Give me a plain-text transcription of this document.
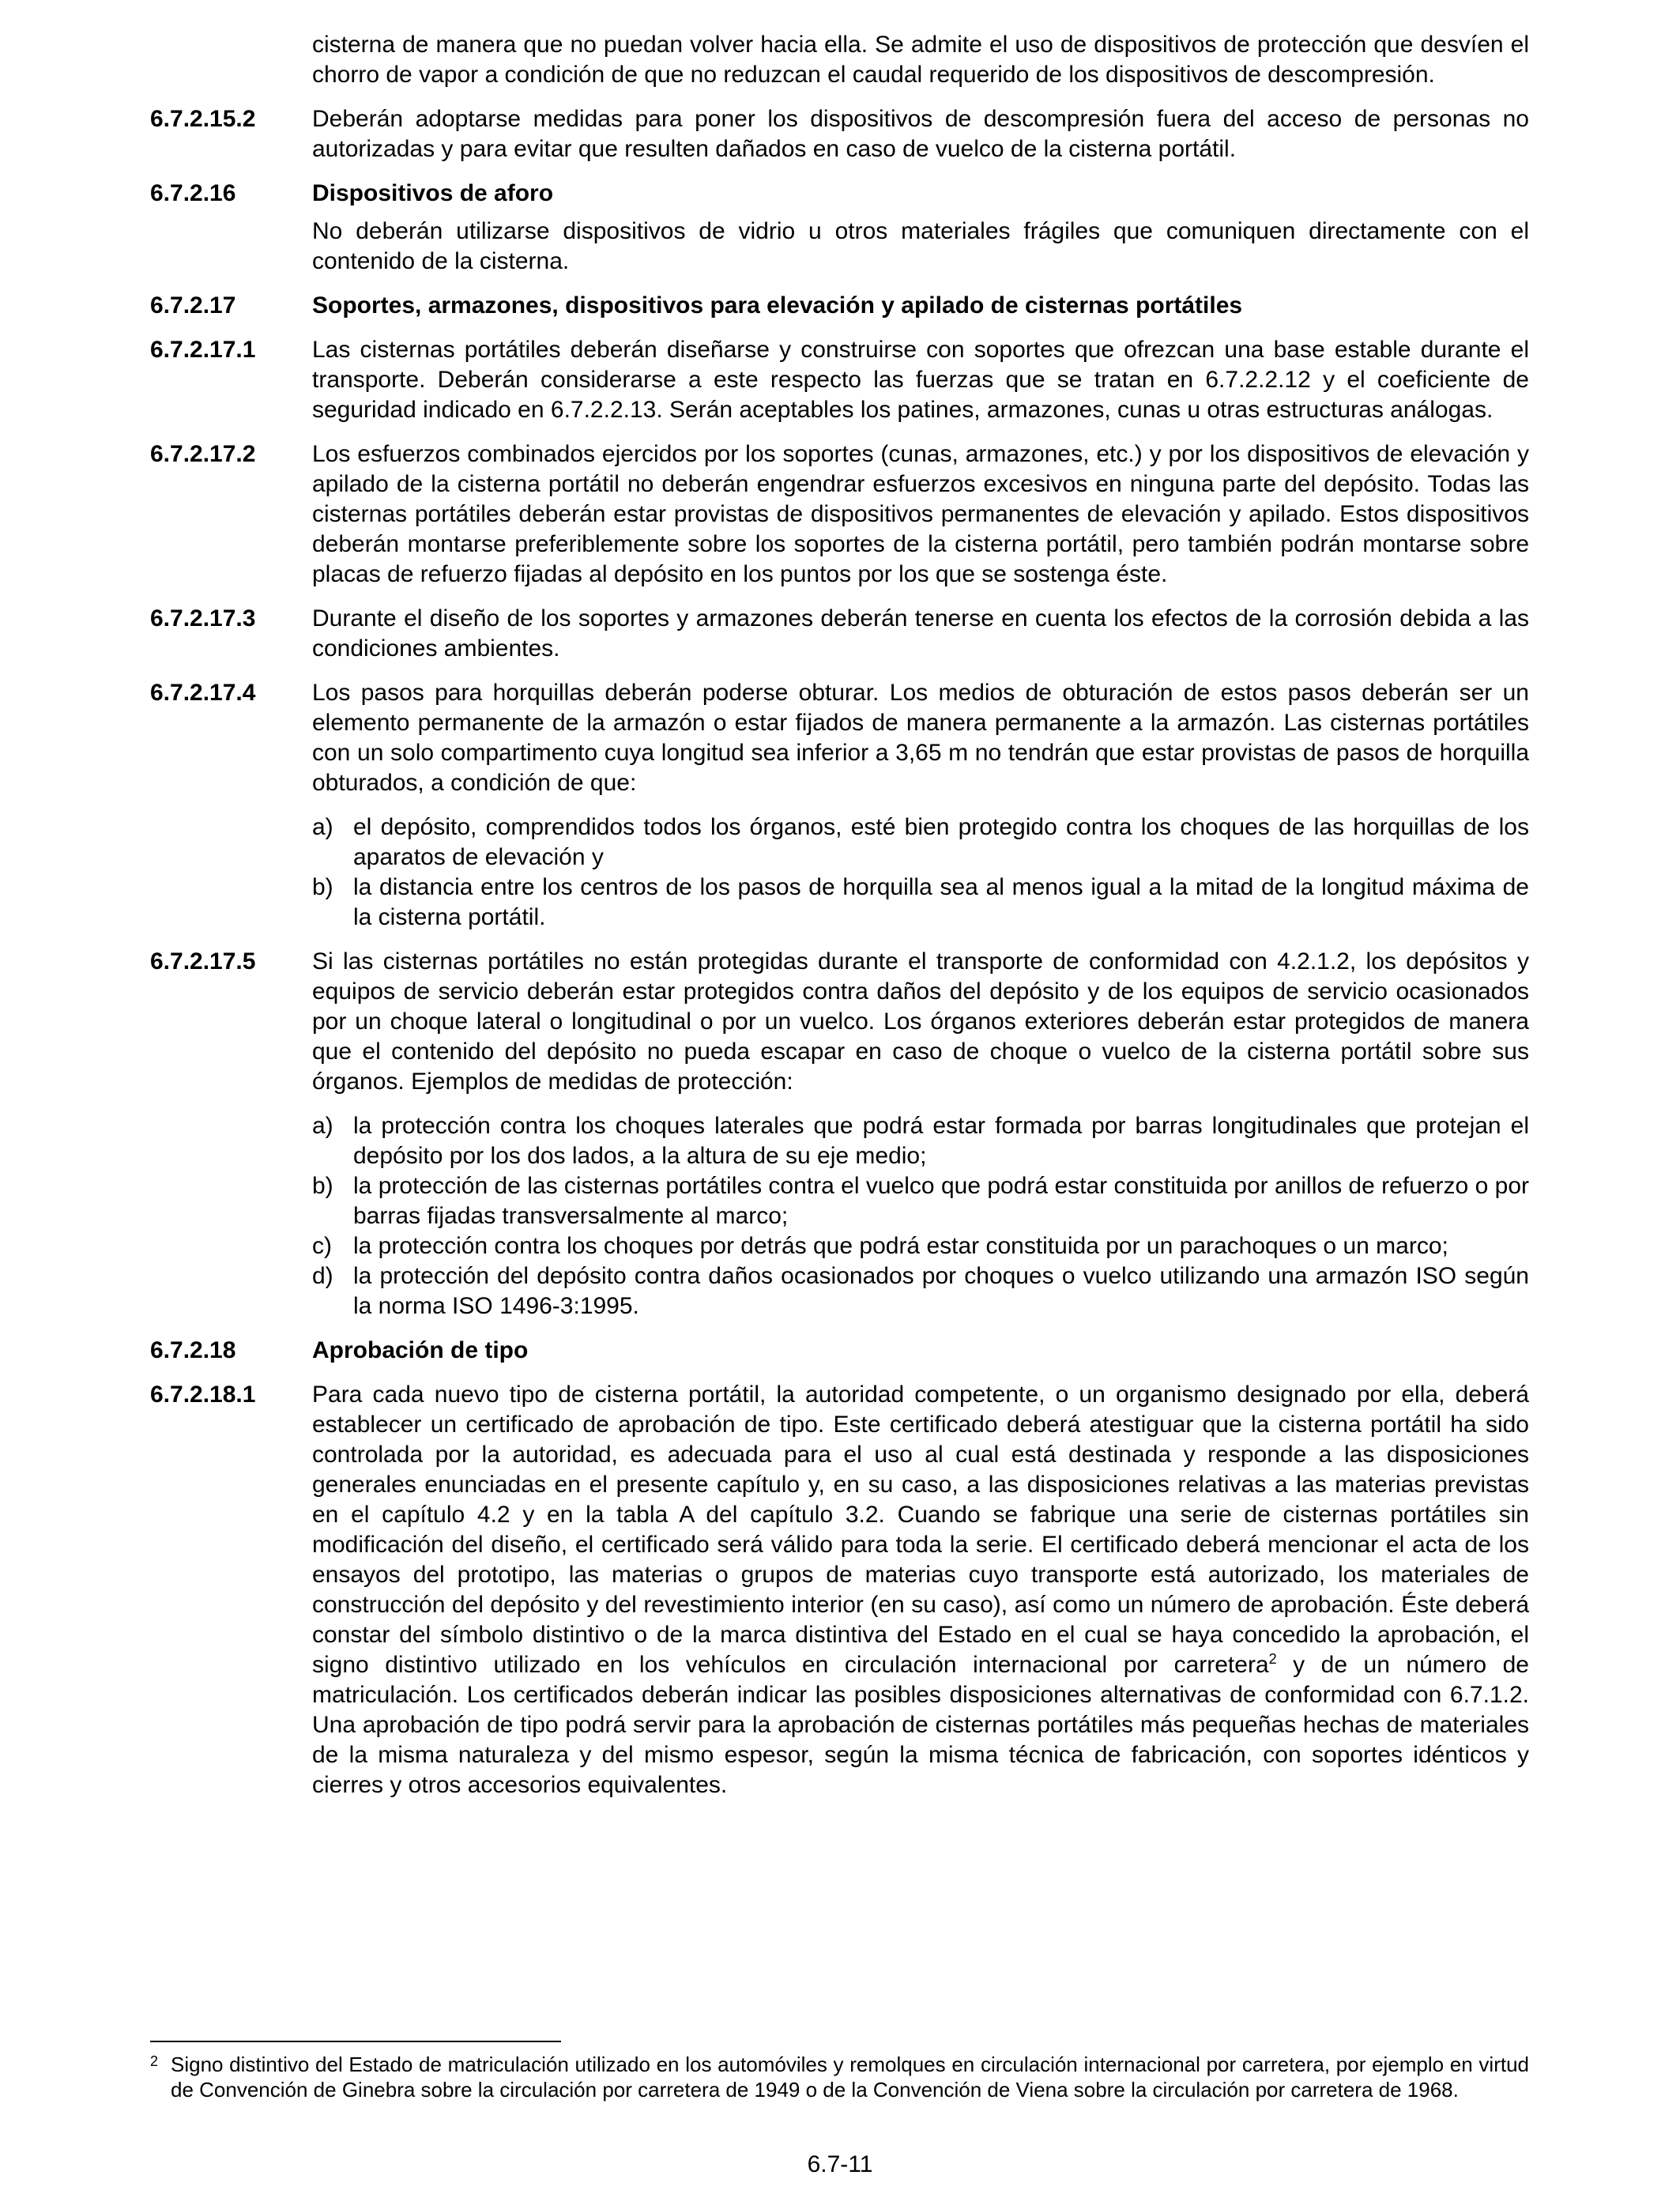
cisterna de manera que no puedan volver hacia ella. Se admite el uso de dispositivos de protección que desvíen el chorro de vapor a condición de que no reduzcan el caudal requerido de los dispositivos de descompresión.

6.7.2.15.2	Deberán adoptarse medidas para poner los dispositivos de descompresión fuera del acceso de personas no autorizadas y para evitar que resulten dañados en caso de vuelco de la cisterna portátil.
6.7.2.16	Dispositivos de aforo

No deberán utilizarse dispositivos de vidrio u otros materiales frágiles que comuniquen directamente con el contenido de la cisterna.

6.7.2.17	Soportes, armazones, dispositivos para elevación y apilado de cisternas portátiles
6.7.2.17.1	Las cisternas portátiles deberán diseñarse y construirse con soportes que ofrezcan una base estable durante el transporte. Deberán considerarse a este respecto las fuerzas que se tratan en 6.7.2.2.12 y el coeficiente de seguridad indicado en 6.7.2.2.13. Serán aceptables los patines, armazones, cunas u otras estructuras análogas.
6.7.2.17.2	Los esfuerzos combinados ejercidos por los soportes (cunas, armazones, etc.) y por los dispositivos de elevación y apilado de la cisterna portátil no deberán engendrar esfuerzos excesivos en ninguna parte del depósito. Todas las cisternas portátiles deberán estar provistas de dispositivos permanentes de elevación y apilado. Estos dispositivos deberán montarse preferiblemente sobre los soportes de la cisterna portátil, pero también podrán montarse sobre placas de refuerzo fijadas al depósito en los puntos por los que se sostenga éste.
6.7.2.17.3	Durante el diseño de los soportes y armazones deberán tenerse en cuenta los efectos de la corrosión debida a las condiciones ambientes.
6.7.2.17.4	Los pasos para horquillas deberán poderse obturar. Los medios de obturación de estos pasos deberán ser un elemento permanente de la armazón o estar fijados de manera permanente a la armazón. Las cisternas portátiles con un solo compartimento cuya longitud sea inferior a 3,65 m no tendrán que estar provistas de pasos de horquilla obturados, a condición de que:

a) el depósito, comprendidos todos los órganos, esté bien protegido contra los choques de las horquillas de los aparatos de elevación y
b) la distancia entre los centros de los pasos de horquilla sea al menos igual a la mitad de la longitud máxima de la cisterna portátil.
6.7.2.17.5	Si las cisternas portátiles no están protegidas durante el transporte de conformidad con 4.2.1.2, los depósitos y equipos de servicio deberán estar protegidos contra daños del depósito y de los equipos de servicio ocasionados por un choque lateral o longitudinal o por un vuelco. Los órganos exteriores deberán estar protegidos de manera que el contenido del depósito no pueda escapar en caso de choque o vuelco de la cisterna portátil sobre sus órganos. Ejemplos de medidas de protección:

a) la protección contra los choques laterales que podrá estar formada por barras longitudinales que protejan el depósito por los dos lados, a la altura de su eje medio;
b) la protección de las cisternas portátiles contra el vuelco que podrá estar constituida por anillos de refuerzo o por barras fijadas transversalmente al marco;
c) la protección contra los choques por detrás que podrá estar constituida por un parachoques o un marco;
d) la protección del depósito contra daños ocasionados por choques o vuelco utilizando una armazón ISO según la norma ISO 1496-3:1995.
6.7.2.18	Aprobación de tipo
6.7.2.18.1	Para cada nuevo tipo de cisterna portátil, la autoridad competente, o un organismo designado por ella, deberá establecer un certificado de aprobación de tipo. Este certificado deberá atestiguar que la cisterna portátil ha sido controlada por la autoridad, es adecuada para el uso al cual está destinada y responde a las disposiciones generales enunciadas en el presente capítulo y, en su caso, a las disposiciones relativas a las materias previstas en el capítulo 4.2 y en la tabla A del capítulo 3.2. Cuando se fabrique una serie de cisternas portátiles sin modificación del diseño, el certificado será válido para toda la serie. El certificado deberá mencionar el acta de los ensayos del prototipo, las materias o grupos de materias cuyo transporte está autorizado, los materiales de construcción del depósito y del revestimiento interior (en su caso), así como un número de aprobación. Éste deberá constar del símbolo distintivo o de la marca distintiva del Estado en el cual se haya concedido la aprobación, el signo distintivo utilizado en los vehículos en circulación internacional por carretera$^2$ y de un número de matriculación. Los certificados deberán indicar las posibles disposiciones alternativas de conformidad con 6.7.1.2. Una aprobación de tipo podrá servir para la aprobación de cisternas portátiles más pequeñas hechas de materiales de la misma naturaleza y del mismo espesor, según la misma técnica de fabricación, con soportes idénticos y cierres y otros accesorios equivalentes.
2 Signo distintivo del Estado de matriculación utilizado en los automóviles y remolques en circulación internacional por carretera, por ejemplo en virtud de Convención de Ginebra sobre la circulación por carretera de 1949 o de la Convención de Viena sobre la circulación por carretera de 1968.
6.7-11
